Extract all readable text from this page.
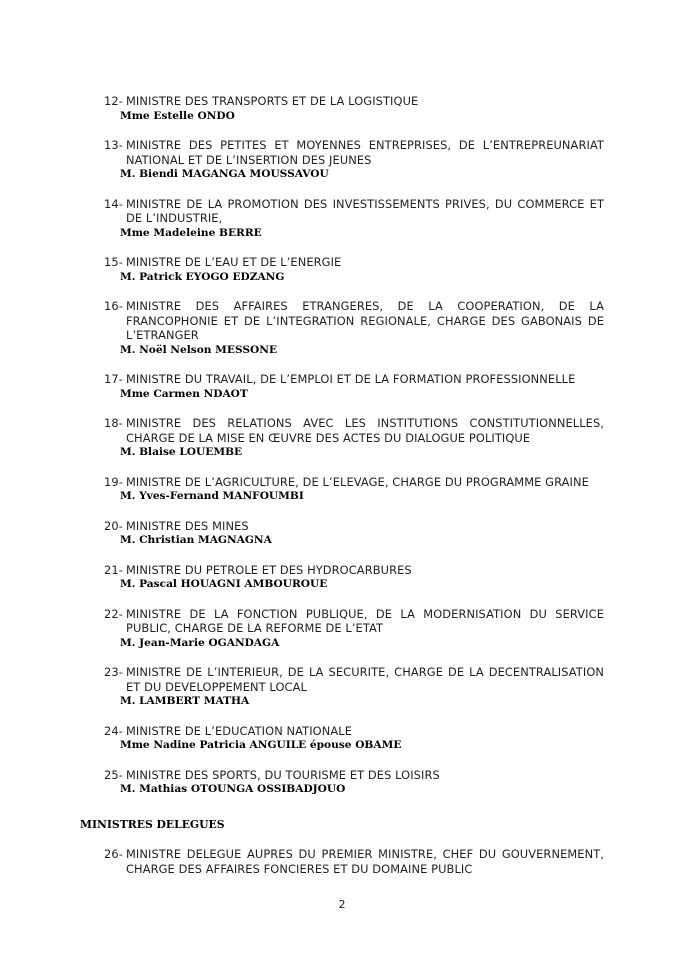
12- MINISTRE DES TRANSPORTS ET DE LA LOGISTIQUE
Mme Estelle ONDO
13- MINISTRE DES PETITES ET MOYENNES ENTREPRISES, DE L’ENTREPREUNARIAT NATIONAL ET DE L’INSERTION DES JEUNES
M. Biendi MAGANGA MOUSSAVOU
14- MINISTRE DE LA PROMOTION DES INVESTISSEMENTS PRIVES, DU COMMERCE ET DE L’INDUSTRIE,
Mme Madeleine BERRE
15- MINISTRE DE L’EAU ET DE L’ENERGIE
M. Patrick EYOGO EDZANG
16- MINISTRE DES AFFAIRES ETRANGERES, DE LA COOPERATION, DE LA FRANCOPHONIE ET DE L’INTEGRATION REGIONALE, CHARGE DES GABONAIS DE L’ETRANGER
M. Noël Nelson MESSONE
17- MINISTRE DU TRAVAIL, DE L’EMPLOI ET DE LA FORMATION PROFESSIONNELLE
Mme Carmen NDAOT
18- MINISTRE DES RELATIONS AVEC LES INSTITUTIONS CONSTITUTIONNELLES, CHARGE DE LA MISE EN ŒUVRE DES ACTES DU DIALOGUE POLITIQUE
M. Blaise LOUEMBE
19- MINISTRE DE L’AGRICULTURE, DE L’ELEVAGE, CHARGE DU PROGRAMME GRAINE
M. Yves-Fernand MANFOUMBI
20- MINISTRE DES MINES
M. Christian MAGNAGNA
21- MINISTRE DU PETROLE ET DES HYDROCARBURES
M. Pascal HOUAGNI AMBOUROUE
22- MINISTRE DE LA FONCTION PUBLIQUE, DE LA MODERNISATION DU SERVICE PUBLIC, CHARGE DE LA REFORME DE L’ETAT
M. Jean-Marie OGANDAGA
23- MINISTRE DE L’INTERIEUR, DE LA SECURITE, CHARGE DE LA DECENTRALISATION ET DU DEVELOPPEMENT LOCAL
M. LAMBERT MATHA
24- MINISTRE DE L’EDUCATION NATIONALE
Mme Nadine Patricia ANGUILE épouse OBAME
25- MINISTRE DES SPORTS, DU TOURISME ET DES LOISIRS
M. Mathias OTOUNGA OSSIBADJOUO
MINISTRES DELEGUES
26- MINISTRE DELEGUE AUPRES DU PREMIER MINISTRE, CHEF DU GOUVERNEMENT, CHARGE DES AFFAIRES FONCIERES ET DU DOMAINE PUBLIC
2
